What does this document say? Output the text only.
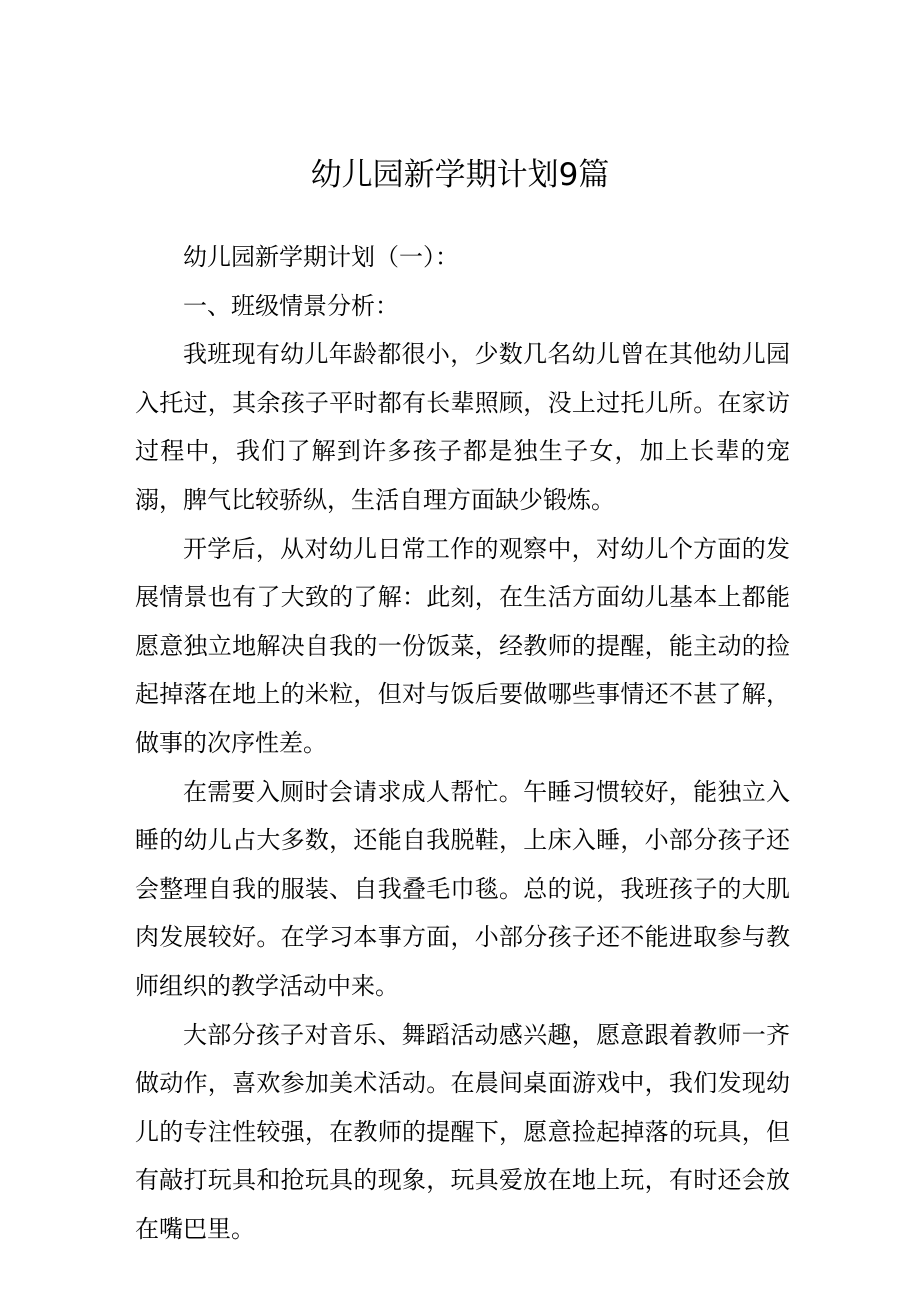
幼儿园新学期计划9篇

幼儿园新学期计划（一）：

一、班级情景分析：

我班现有幼儿年龄都很小，少数几名幼儿曾在其他幼儿园入托过，其余孩子平时都有长辈照顾，没上过托儿所。在家访过程中，我们了解到许多孩子都是独生子女，加上长辈的宠溺，脾气比较骄纵，生活自理方面缺少锻炼。

开学后，从对幼儿日常工作的观察中，对幼儿个方面的发展情景也有了大致的了解：此刻，在生活方面幼儿基本上都能愿意独立地解决自我的一份饭菜，经教师的提醒，能主动的捡起掉落在地上的米粒，但对与饭后要做哪些事情还不甚了解，做事的次序性差。

在需要入厕时会请求成人帮忙。午睡习惯较好，能独立入睡的幼儿占大多数，还能自我脱鞋，上床入睡，小部分孩子还会整理自我的服装、自我叠毛巾毯。总的说，我班孩子的大肌肉发展较好。在学习本事方面，小部分孩子还不能进取参与教师组织的教学活动中来。

大部分孩子对音乐、舞蹈活动感兴趣，愿意跟着教师一齐做动作，喜欢参加美术活动。在晨间桌面游戏中，我们发现幼儿的专注性较强，在教师的提醒下，愿意捡起掉落的玩具，但有敲打玩具和抢玩具的现象，玩具爱放在地上玩，有时还会放在嘴巴里。
